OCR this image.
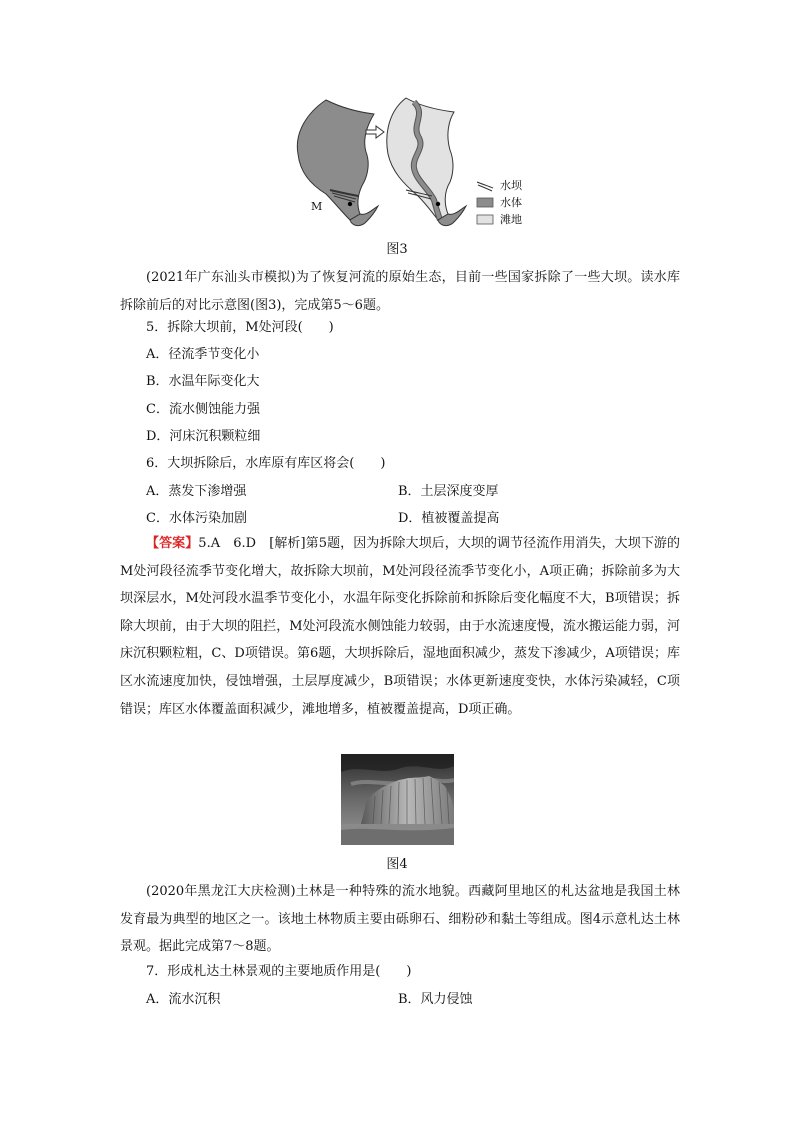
M
水坝
水体
滩地
图3
(2021年广东汕头市模拟)为了恢复河流的原始生态，目前一些国家拆除了一些大坝。读水库拆除前后的对比示意图(图3)，完成第5～6题。
5．拆除大坝前，M处河段(　　)
A．径流季节变化小
B．水温年际变化大
C．流水侧蚀能力强
D．河床沉积颗粒细
6．大坝拆除后，水库原有库区将会(　　)
A．蒸发下渗增强	B．土层深度变厚
C．水体污染加剧	D．植被覆盖提高
【答案】5.A　6.D　[解析]第5题，因为拆除大坝后，大坝的调节径流作用消失，大坝下游的M处河段径流季节变化增大，故拆除大坝前，M处河段径流季节变化小，A项正确；拆除前多为大坝深层水，M处河段水温季节变化小，水温年际变化拆除前和拆除后变化幅度不大，B项错误；拆除大坝前，由于大坝的阻拦，M处河段流水侧蚀能力较弱，由于水流速度慢，流水搬运能力弱，河床沉积颗粒粗，C、D项错误。第6题，大坝拆除后，湿地面积减少，蒸发下渗减少，A项错误；库区水流速度加快，侵蚀增强，土层厚度减少，B项错误；水体更新速度变快，水体污染减轻，C项错误；库区水体覆盖面积减少，滩地增多，植被覆盖提高，D项正确。
图4
(2020年黑龙江大庆检测)土林是一种特殊的流水地貌。西藏阿里地区的札达盆地是我国土林发育最为典型的地区之一。该地土林物质主要由砾卵石、细粉砂和黏土等组成。图4示意札达土林景观。据此完成第7～8题。
7．形成札达土林景观的主要地质作用是(　　)
A．流水沉积	B．风力侵蚀
